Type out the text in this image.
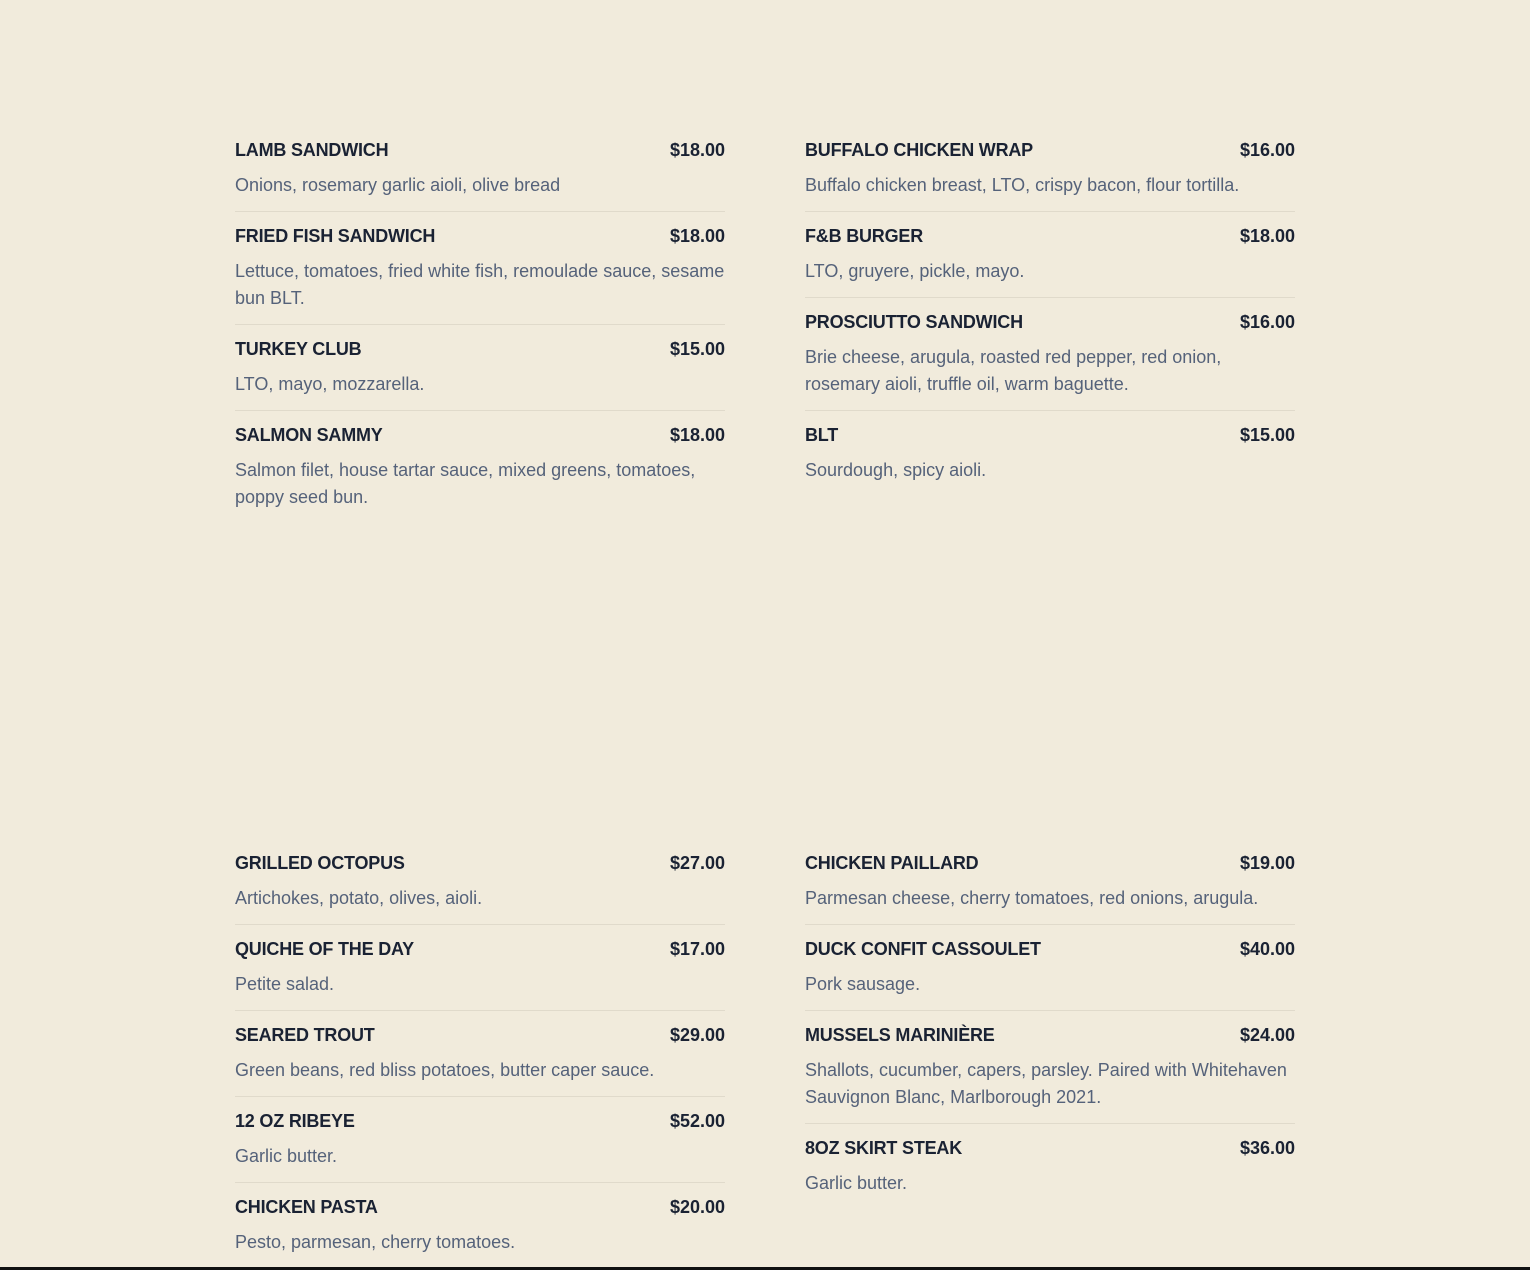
LAMB SANDWICH	$18.00

Onions, rosemary garlic aioli, olive bread

FRIED FISH SANDWICH	$18.00

Lettuce, tomatoes, fried white fish, remoulade sauce, sesame bun BLT.

TURKEY CLUB	$15.00

LTO, mayo, mozzarella.

SALMON SAMMY	$18.00

Salmon filet, house tartar sauce, mixed greens, tomatoes, poppy seed bun.

BUFFALO CHICKEN WRAP	$16.00

Buffalo chicken breast, LTO, crispy bacon, flour tortilla.

F&B BURGER	$18.00

LTO, gruyere, pickle, mayo.

PROSCIUTTO SANDWICH	$16.00

Brie cheese, arugula, roasted red pepper, red onion, rosemary aioli, truffle oil, warm baguette.

BLT	$15.00

Sourdough, spicy aioli.

GRILLED OCTOPUS	$27.00

Artichokes, potato, olives, aioli.

QUICHE OF THE DAY	$17.00

Petite salad.

SEARED TROUT	$29.00

Green beans, red bliss potatoes, butter caper sauce.

12 OZ RIBEYE	$52.00

Garlic butter.

CHICKEN PASTA	$20.00

Pesto, parmesan, cherry tomatoes.

CHICKEN PAILLARD	$19.00

Parmesan cheese, cherry tomatoes, red onions, arugula.

DUCK CONFIT CASSOULET	$40.00

Pork sausage.

MUSSELS MARINIÈRE	$24.00

Shallots, cucumber, capers, parsley. Paired with Whitehaven Sauvignon Blanc, Marlborough 2021.

8OZ SKIRT STEAK	$36.00

Garlic butter.
